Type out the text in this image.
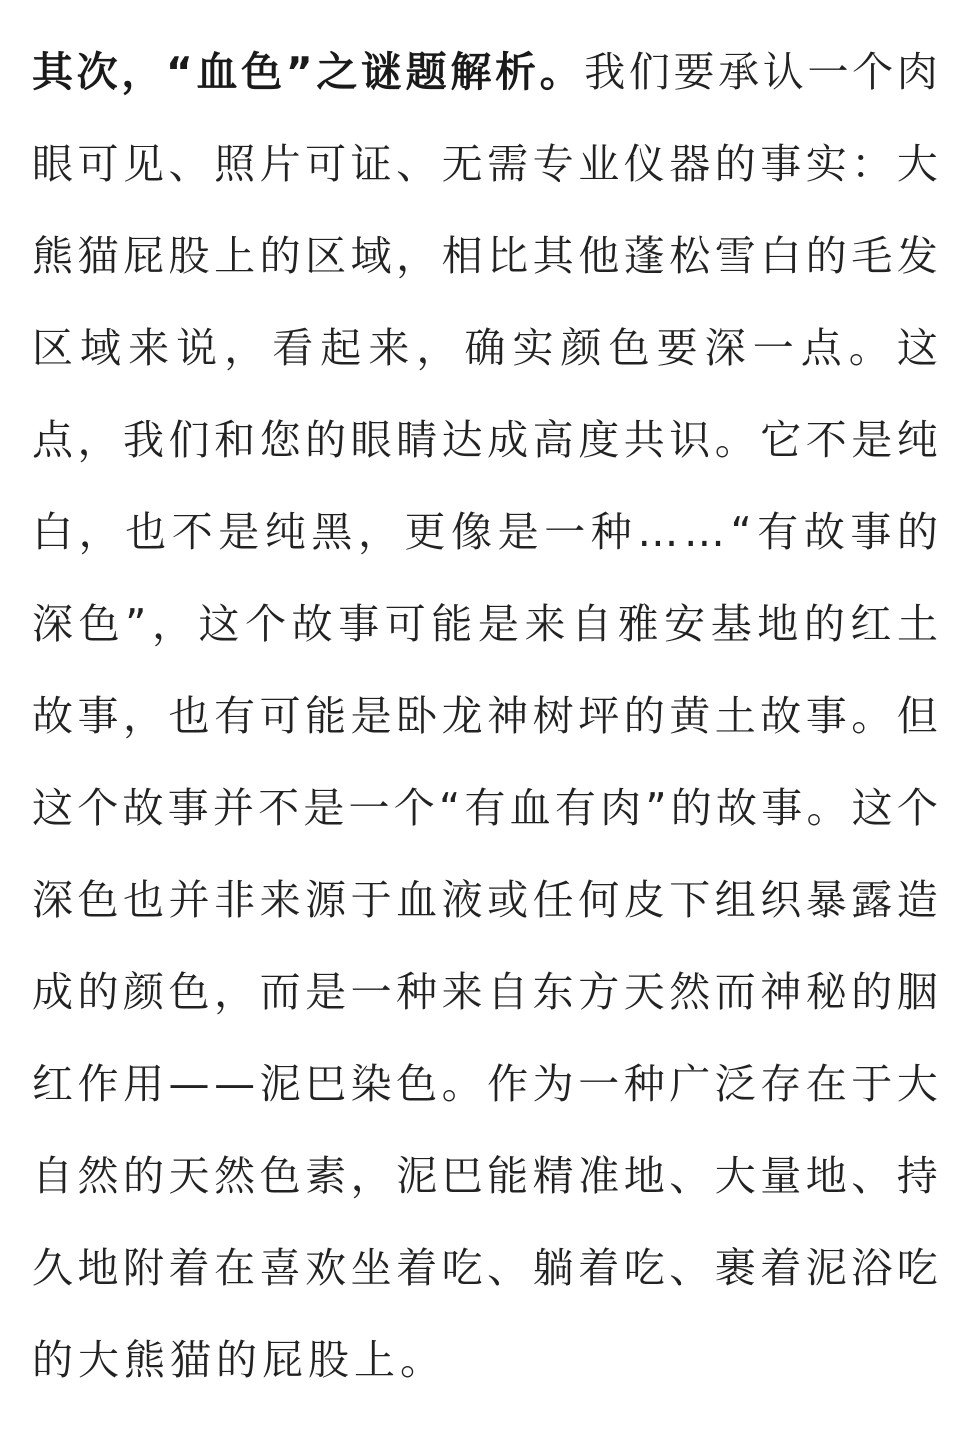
其 次 ， “ 血 色 ” 之 谜 题 解 析 。 我 们 要 承 认 一 个 肉
眼 可 见 、 照 片 可 证 、 无 需 专 业 仪 器 的 事 实 ： 大
熊 猫 屁 股 上 的 区 域 ， 相 比 其 他 蓬 松 雪 白 的 毛 发
区 域 来 说 ， 看 起 来 ， 确 实 颜 色 要 深 一 点 。 这
点 ， 我 们 和 您 的 眼 睛 达 成 高 度 共 识 。 它 不 是 纯
白 ， 也 不 是 纯 黑 ， 更 像 是 一 种 … … “ 有 故 事 的
深 色 ” ， 这 个 故 事 可 能 是 来 自 雅 安 基 地 的 红 土
故 事 ， 也 有 可 能 是 卧 龙 神 树 坪 的 黄 土 故 事 。 但
这 个 故 事 并 不 是 一 个 “ 有 血 有 肉 ” 的 故 事 。 这 个
深 色 也 并 非 来 源 于 血 液 或 任 何 皮 下 组 织 暴 露 造
成 的 颜 色 ， 而 是 一 种 来 自 东 方 天 然 而 神 秘 的 胭
红 作 用 — — 泥 巴 染 色 。 作 为 一 种 广 泛 存 在 于 大
自 然 的 天 然 色 素 ， 泥 巴 能 精 准 地 、 大 量 地 、 持
久 地 附 着 在 喜 欢 坐 着 吃 、 躺 着 吃 、 裹 着 泥 浴 吃
的 大 熊 猫 的 屁 股 上 。
